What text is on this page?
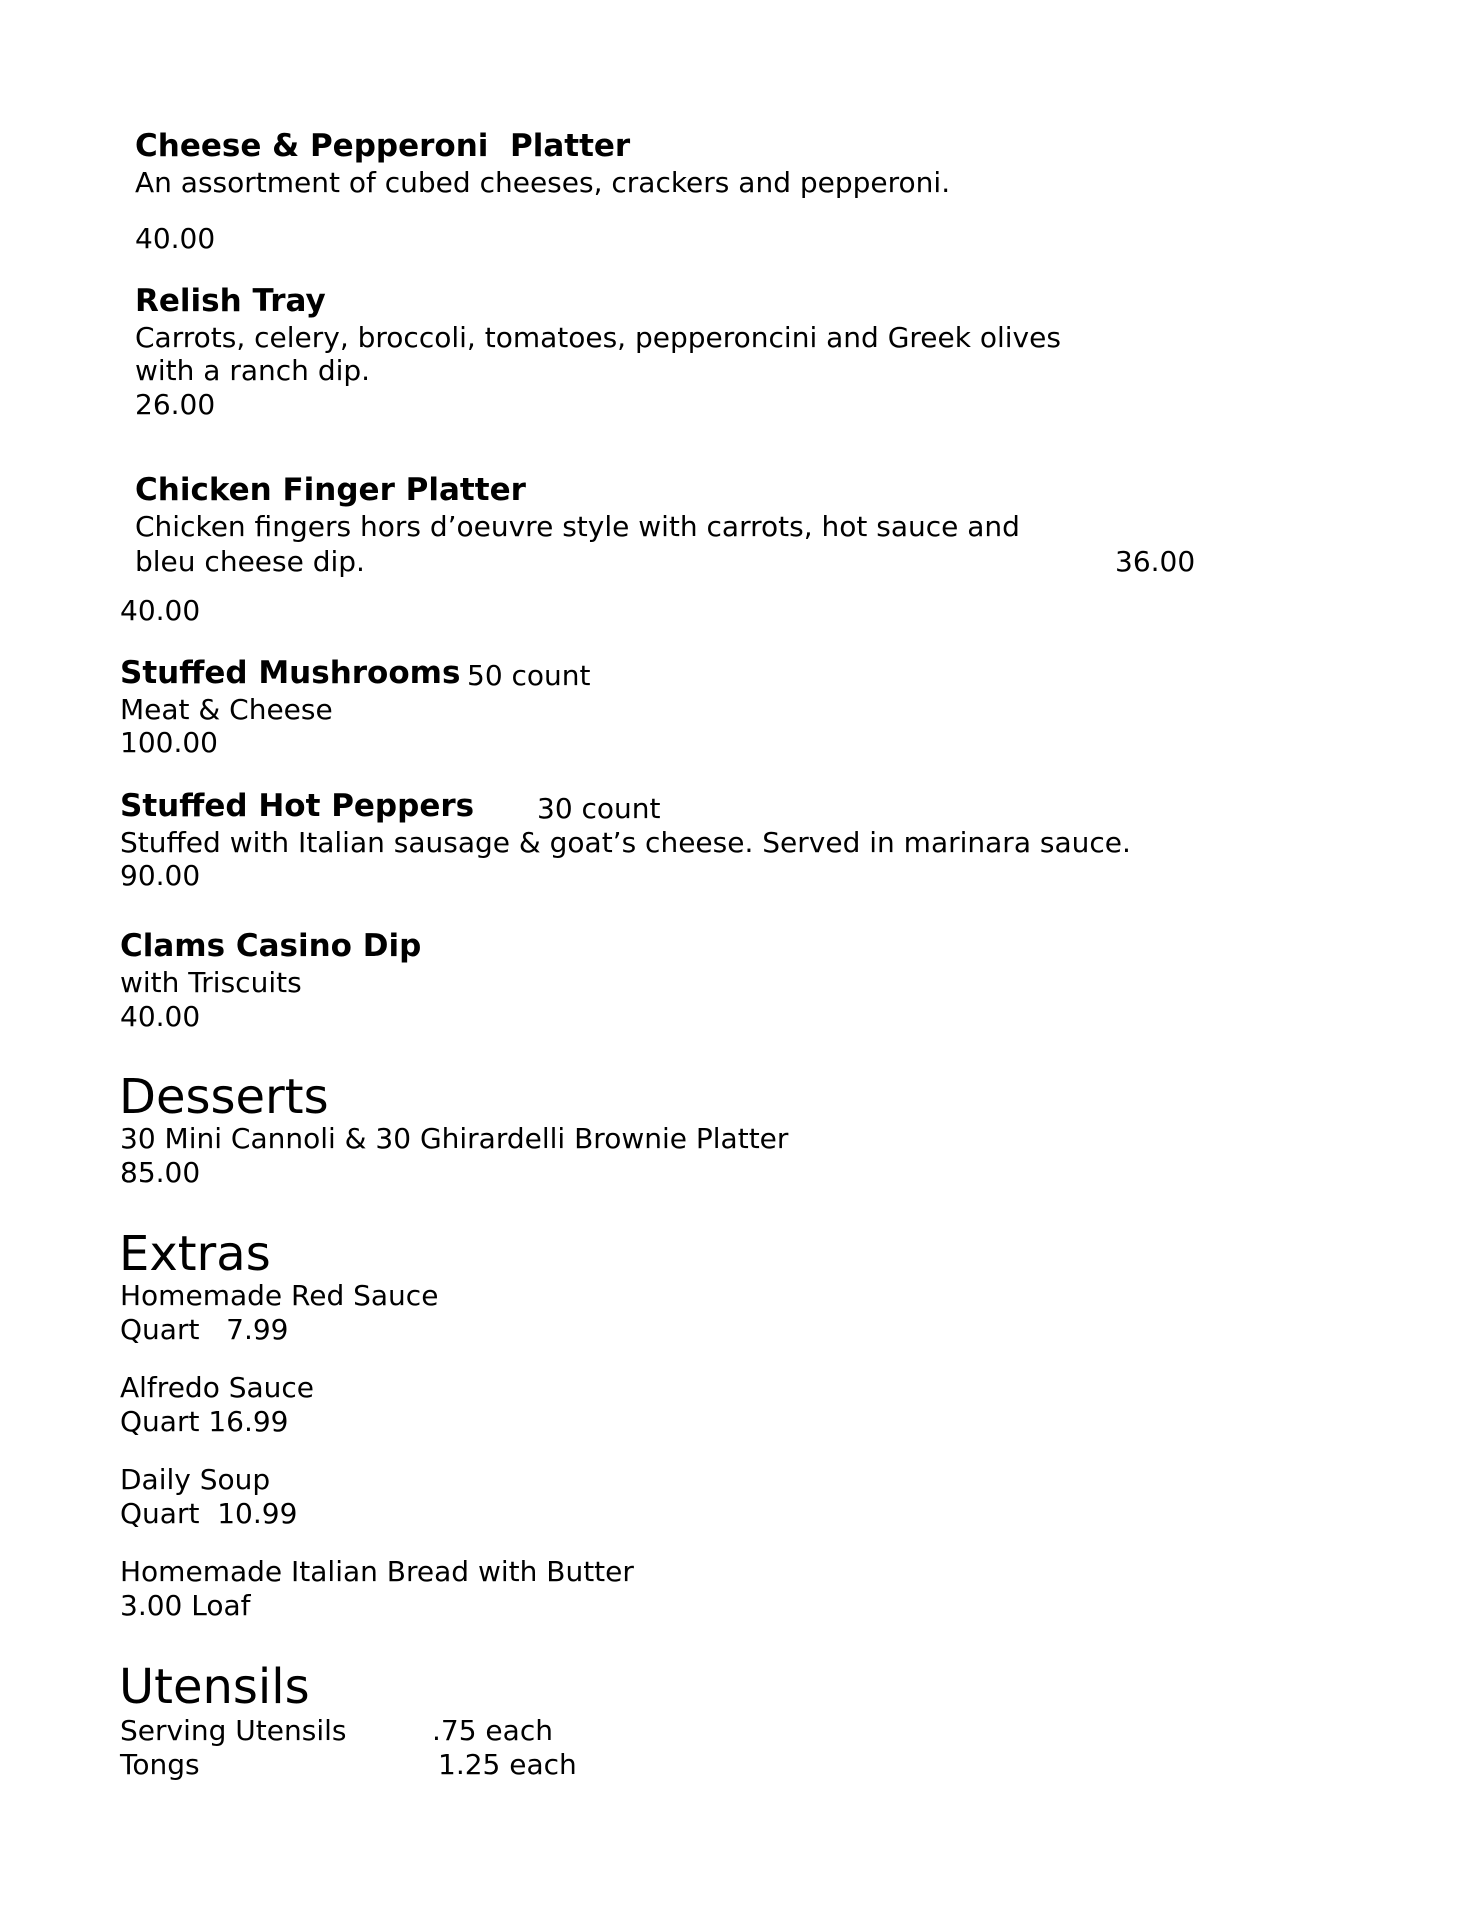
Cheese & Pepperoni  Platter
An assortment of cubed cheeses, crackers and pepperoni.
40.00
Relish Tray
Carrots, celery, broccoli, tomatoes, pepperoncini and Greek olives
with a ranch dip.
26.00
Chicken Finger Platter
Chicken fingers hors d’oeuvre style with carrots, hot sauce and
bleu cheese dip.	36.00
40.00
Stuffed Mushrooms 50 count
Meat & Cheese
100.00
Stuffed Hot Peppers 30 count
Stuffed with Italian sausage & goat’s cheese. Served in marinara sauce.
90.00
Clams Casino Dip
with Triscuits
40.00
Desserts
30 Mini Cannoli & 30 Ghirardelli Brownie Platter
85.00
Extras
Homemade Red Sauce
Quart   7.99
Alfredo Sauce
Quart 16.99
Daily Soup
Quart  10.99
Homemade Italian Bread with Butter
3.00 Loaf
Utensils
Serving Utensils	.75 each
Tongs	1.25 each
